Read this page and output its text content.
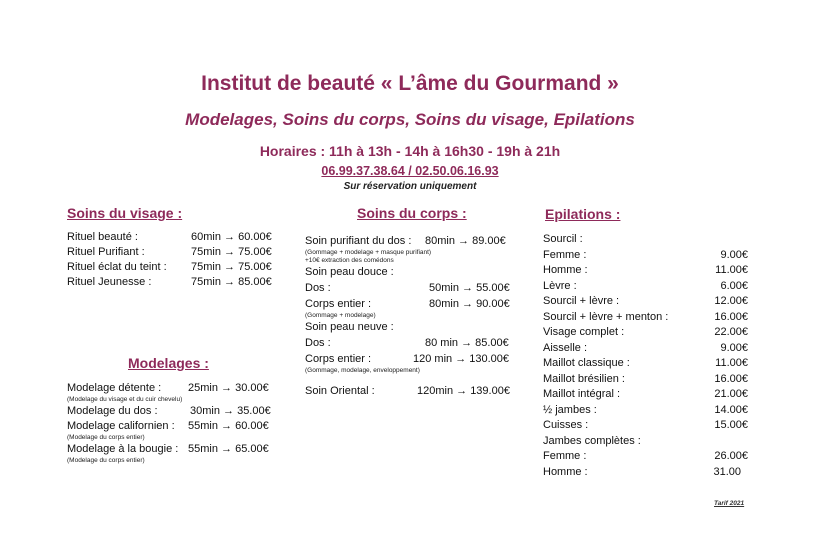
Institut de beauté « L’âme du Gourmand »
Modelages, Soins du corps, Soins du visage, Epilations
Horaires : 11h à 13h - 14h à 16h30 - 19h à 21h
06.99.37.38.64 / 02.50.06.16.93
Sur réservation uniquement
Soins du visage :
Rituel beauté :	60min → 60.00€
Rituel Purifiant :	75min → 75.00€
Rituel éclat du teint : 75min → 75.00€
Rituel Jeunesse :	75min → 85.00€
Modelages :
Modelage détente : 25min → 30.00€
(Modelage du visage et du cuir chevelu)
Modelage du dos :	30min → 35.00€
Modelage californien : 55min → 60.00€
(Modelage du corps entier)
Modelage à la bougie : 55min → 65.00€
(Modelage du corps entier)
Soins du corps :
Soin purifiant du dos : 80min → 89.00€
(Gommage + modelage + masque purifiant)
+10€ extraction des comédons
Soin peau douce :
Dos :	50min → 55.00€
Corps entier :	80min → 90.00€
(Gommage + modelage)
Soin peau neuve :
Dos :	80 min → 85.00€
Corps entier :	120 min → 130.00€
(Gommage, modelage, enveloppement)
Soin Oriental :	120min → 139.00€
Epilations :
Sourcil :
Femme :	9.00€
Homme :	11.00€
Lèvre :	6.00€
Sourcil + lèvre :	12.00€
Sourcil + lèvre + menton :	16.00€
Visage complet :	22.00€
Aisselle :	9.00€
Maillot classique :	11.00€
Maillot brésilien :	16.00€
Maillot intégral :	21.00€
½ jambes :	14.00€
Cuisses :	15.00€
Jambes complètes :
Femme :	26.00€
Homme :	31.00
Tarif 2021
